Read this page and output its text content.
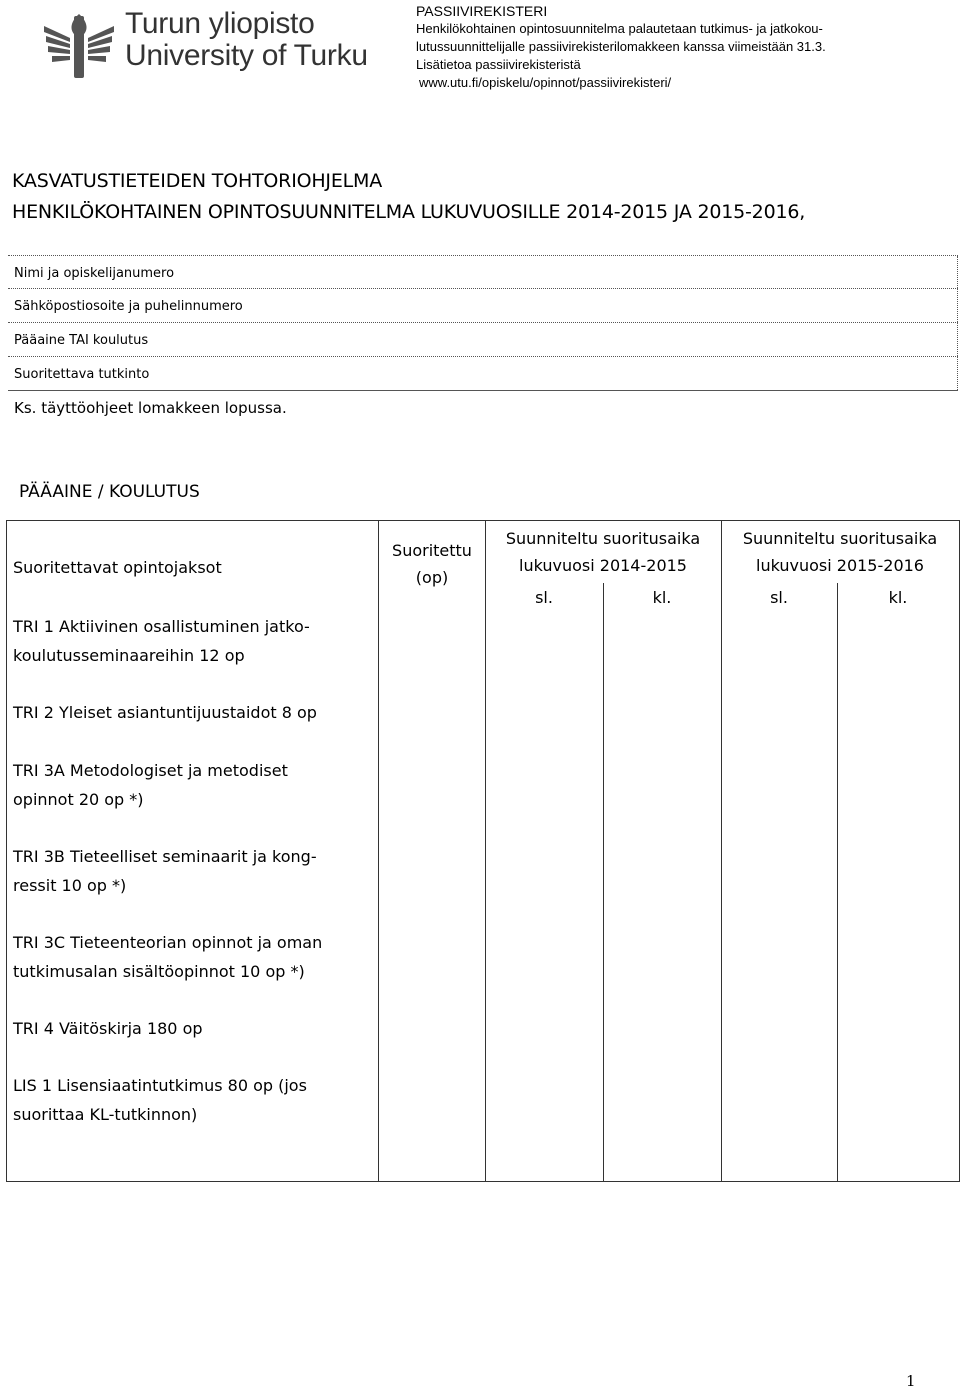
Turun yliopisto
University of Turku
PASSIIVIREKISTERI
Henkilökohtainen opintosuunnitelma palautetaan tutkimus- ja jatkokou-
lutussuunnittelijalle passiivirekisterilomakkeen kanssa viimeistään 31.3.
Lisätietoa passiivirekisteristä
www.utu.fi/opiskelu/opinnot/passiivirekisteri/
KASVATUSTIETEIDEN TOHTORIOHJELMA
HENKILÖKOHTAINEN OPINTOSUUNNITELMA LUKUVUOSILLE 2014-2015 JA 2015-2016,
Nimi ja opiskelijanumero
Sähköpostiosoite ja puhelinnumero
Pääaine TAI koulutus
Suoritettava tutkinto
Ks. täyttöohjeet lomakkeen lopussa.
PÄÄAINE / KOULUTUS
Suoritettavat opintojaksot
Suoritettu
(op)
Suunniteltu suoritusaika
lukuvuosi 2014-2015
Suunniteltu suoritusaika
lukuvuosi 2015-2016
sl.	kl.	sl.	kl.
TRI 1 Aktiivinen osallistuminen jatko-
koulutusseminaareihin 12 op
TRI 2 Yleiset asiantuntijuustaidot 8 op
TRI 3A Metodologiset ja metodiset
opinnot 20 op *)
TRI 3B Tieteelliset seminaarit ja kong-
ressit 10 op *)
TRI 3C Tieteenteorian opinnot ja oman
tutkimusalan sisältöopinnot 10 op *)
TRI 4 Väitöskirja 180 op
LIS 1 Lisensiaatintutkimus 80 op (jos
suorittaa KL-tutkinnon)
1
